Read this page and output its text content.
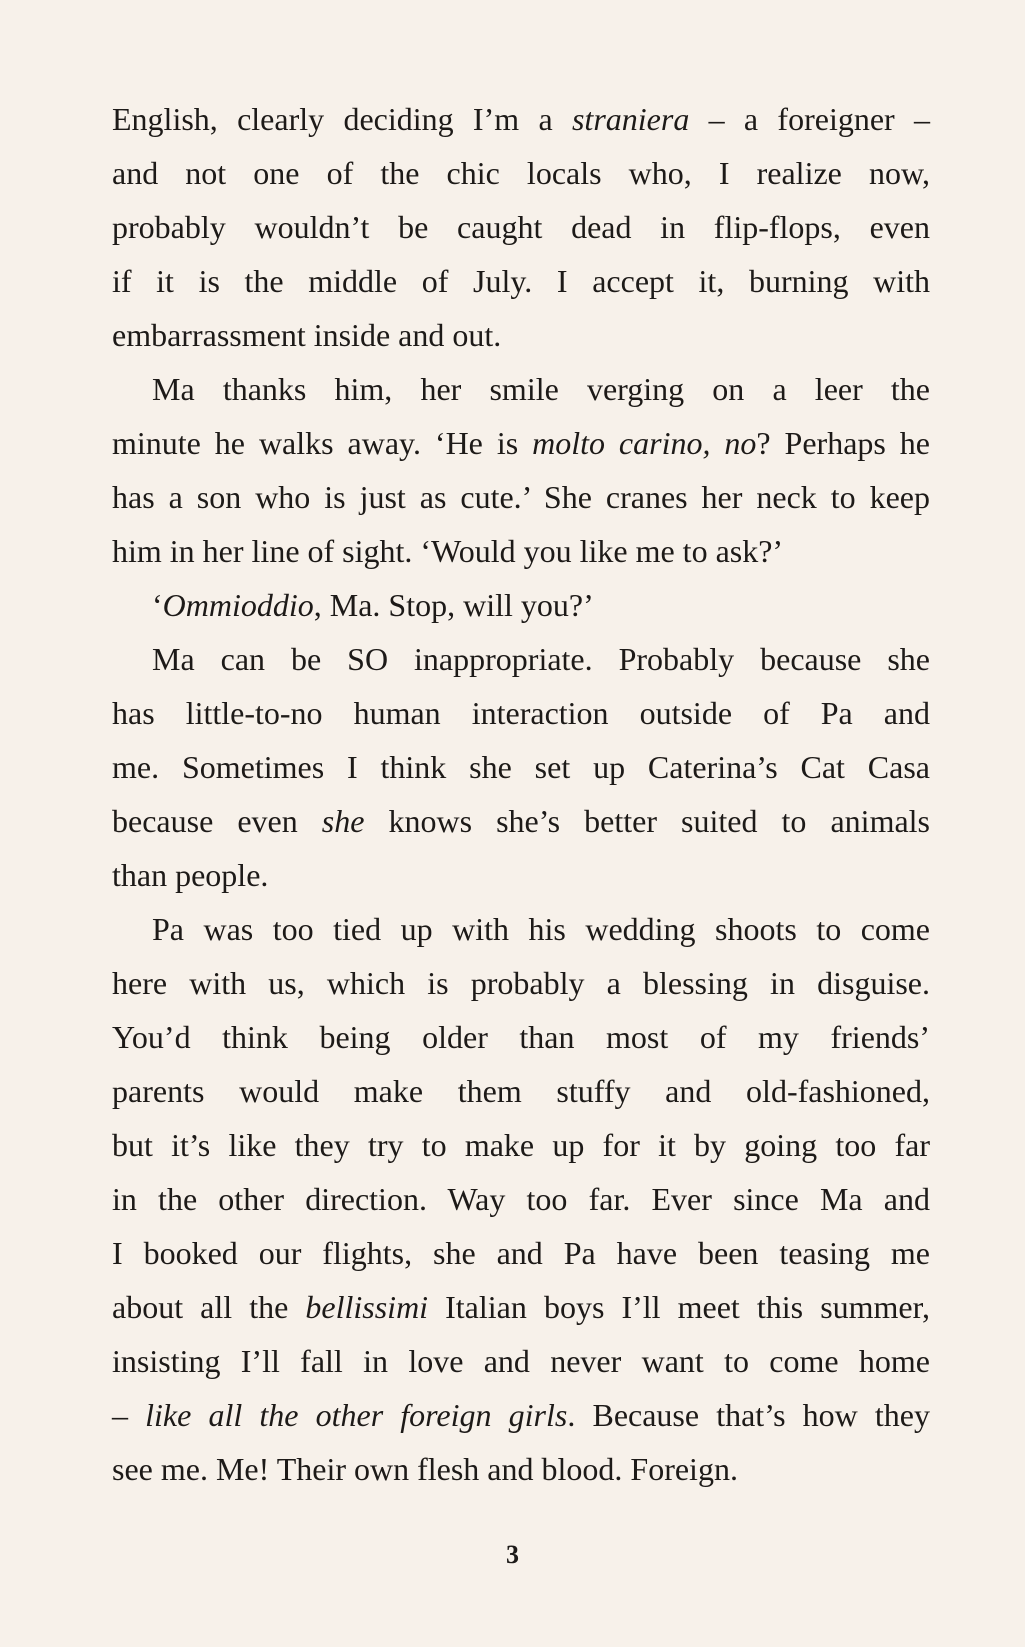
English, clearly deciding I’m a straniera – a foreigner –
and not one of the chic locals who, I realize now,
probably wouldn’t be caught dead in flip-flops, even
if it is the middle of July. I accept it, burning with
embarrassment inside and out.
Ma thanks him, her smile verging on a leer the
minute he walks away. ‘He is molto carino, no? Perhaps he
has a son who is just as cute.’ She cranes her neck to keep
him in her line of sight. ‘Would you like me to ask?’
‘Ommioddio, Ma. Stop, will you?’
Ma can be SO inappropriate. Probably because she
has little-to-no human interaction outside of Pa and
me. Sometimes I think she set up Caterina’s Cat Casa
because even she knows she’s better suited to animals
than people.
Pa was too tied up with his wedding shoots to come
here with us, which is probably a blessing in disguise.
You’d think being older than most of my friends’
parents would make them stuffy and old-fashioned,
but it’s like they try to make up for it by going too far
in the other direction. Way too far. Ever since Ma and
I booked our flights, she and Pa have been teasing me
about all the bellissimi Italian boys I’ll meet this summer,
insisting I’ll fall in love and never want to come home
– like all the other foreign girls. Because that’s how they
see me. Me! Their own flesh and blood. Foreign.
3
